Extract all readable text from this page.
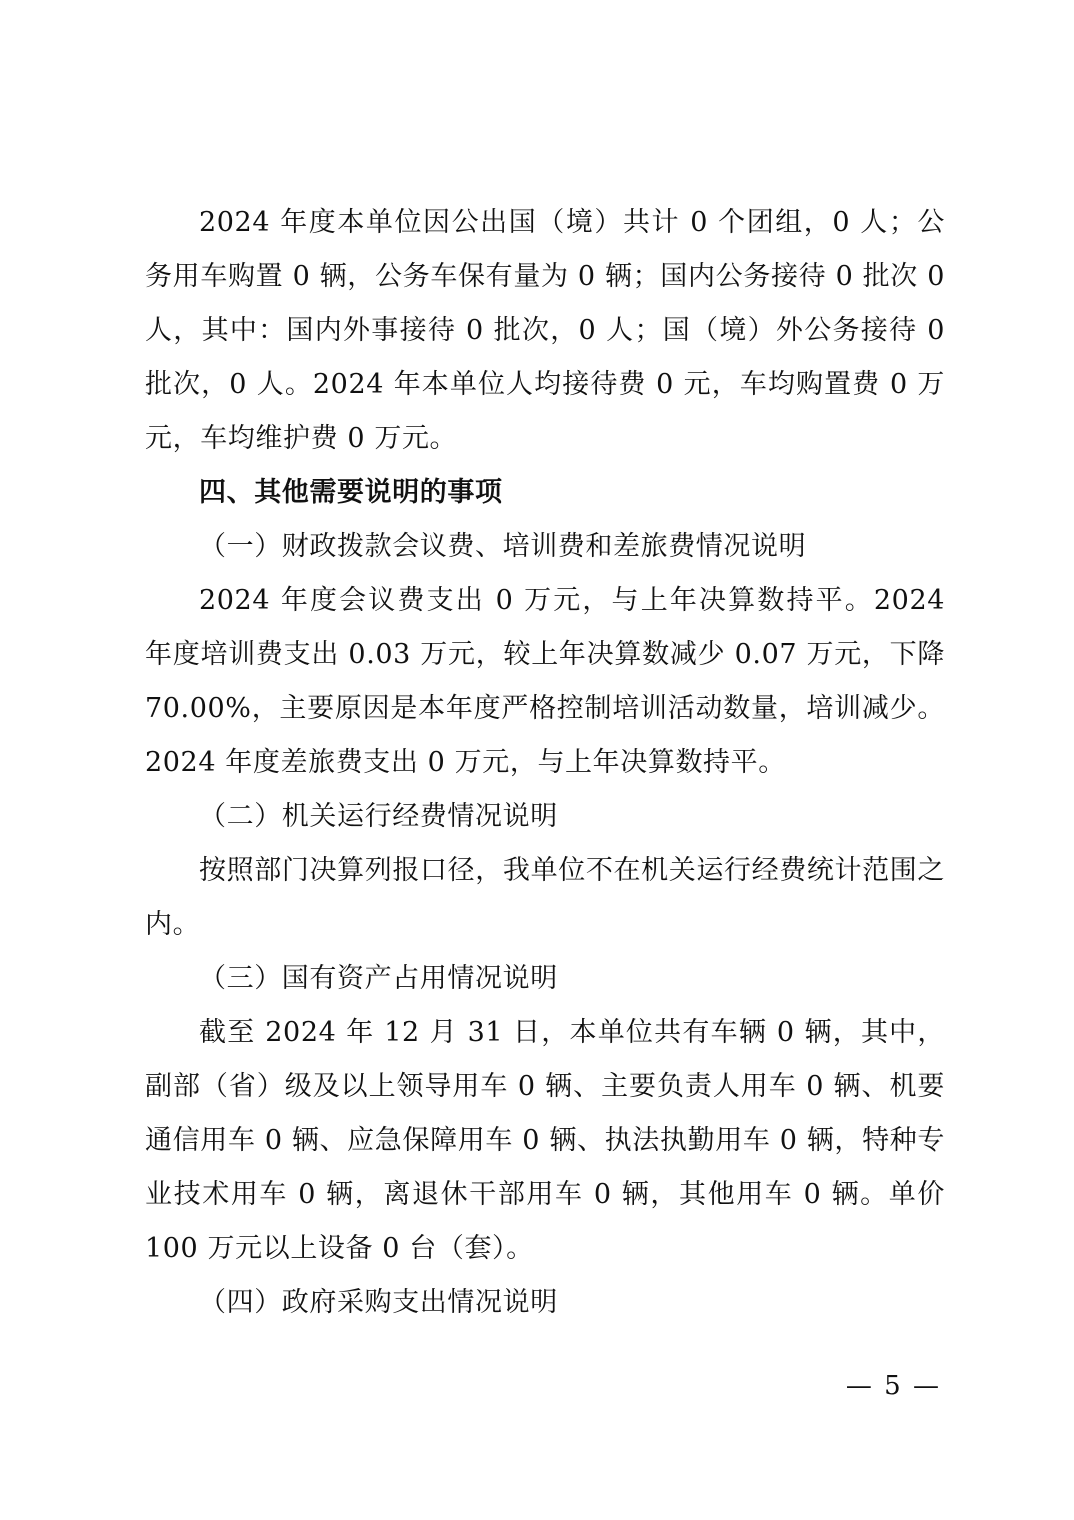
2024 年度本单位因公出国（境）共计 0 个团组，0 人；公务用车购置 0 辆，公务车保有量为 0 辆；国内公务接待 0 批次 0 人，其中：国内外事接待 0 批次，0 人；国（境）外公务接待 0 批次，0 人。2024 年本单位人均接待费 0 元，车均购置费 0 万元，车均维护费 0 万元。

四、其他需要说明的事项

（一）财政拨款会议费、培训费和差旅费情况说明

2024 年度会议费支出 0 万元，与上年决算数持平。2024 年度培训费支出 0.03 万元，较上年决算数减少 0.07 万元，下降 70.00%，主要原因是本年度严格控制培训活动数量，培训减少。2024 年度差旅费支出 0 万元，与上年决算数持平。

（二）机关运行经费情况说明

按照部门决算列报口径，我单位不在机关运行经费统计范围之内。

（三）国有资产占用情况说明

截至 2024 年 12 月 31 日，本单位共有车辆 0 辆，其中，副部（省）级及以上领导用车 0 辆、主要负责人用车 0 辆、机要通信用车 0 辆、应急保障用车 0 辆、执法执勤用车 0 辆，特种专业技术用车 0 辆，离退休干部用车 0 辆，其他用车 0 辆。单价 100 万元以上设备 0 台（套）。

（四）政府采购支出情况说明

— 5 —
